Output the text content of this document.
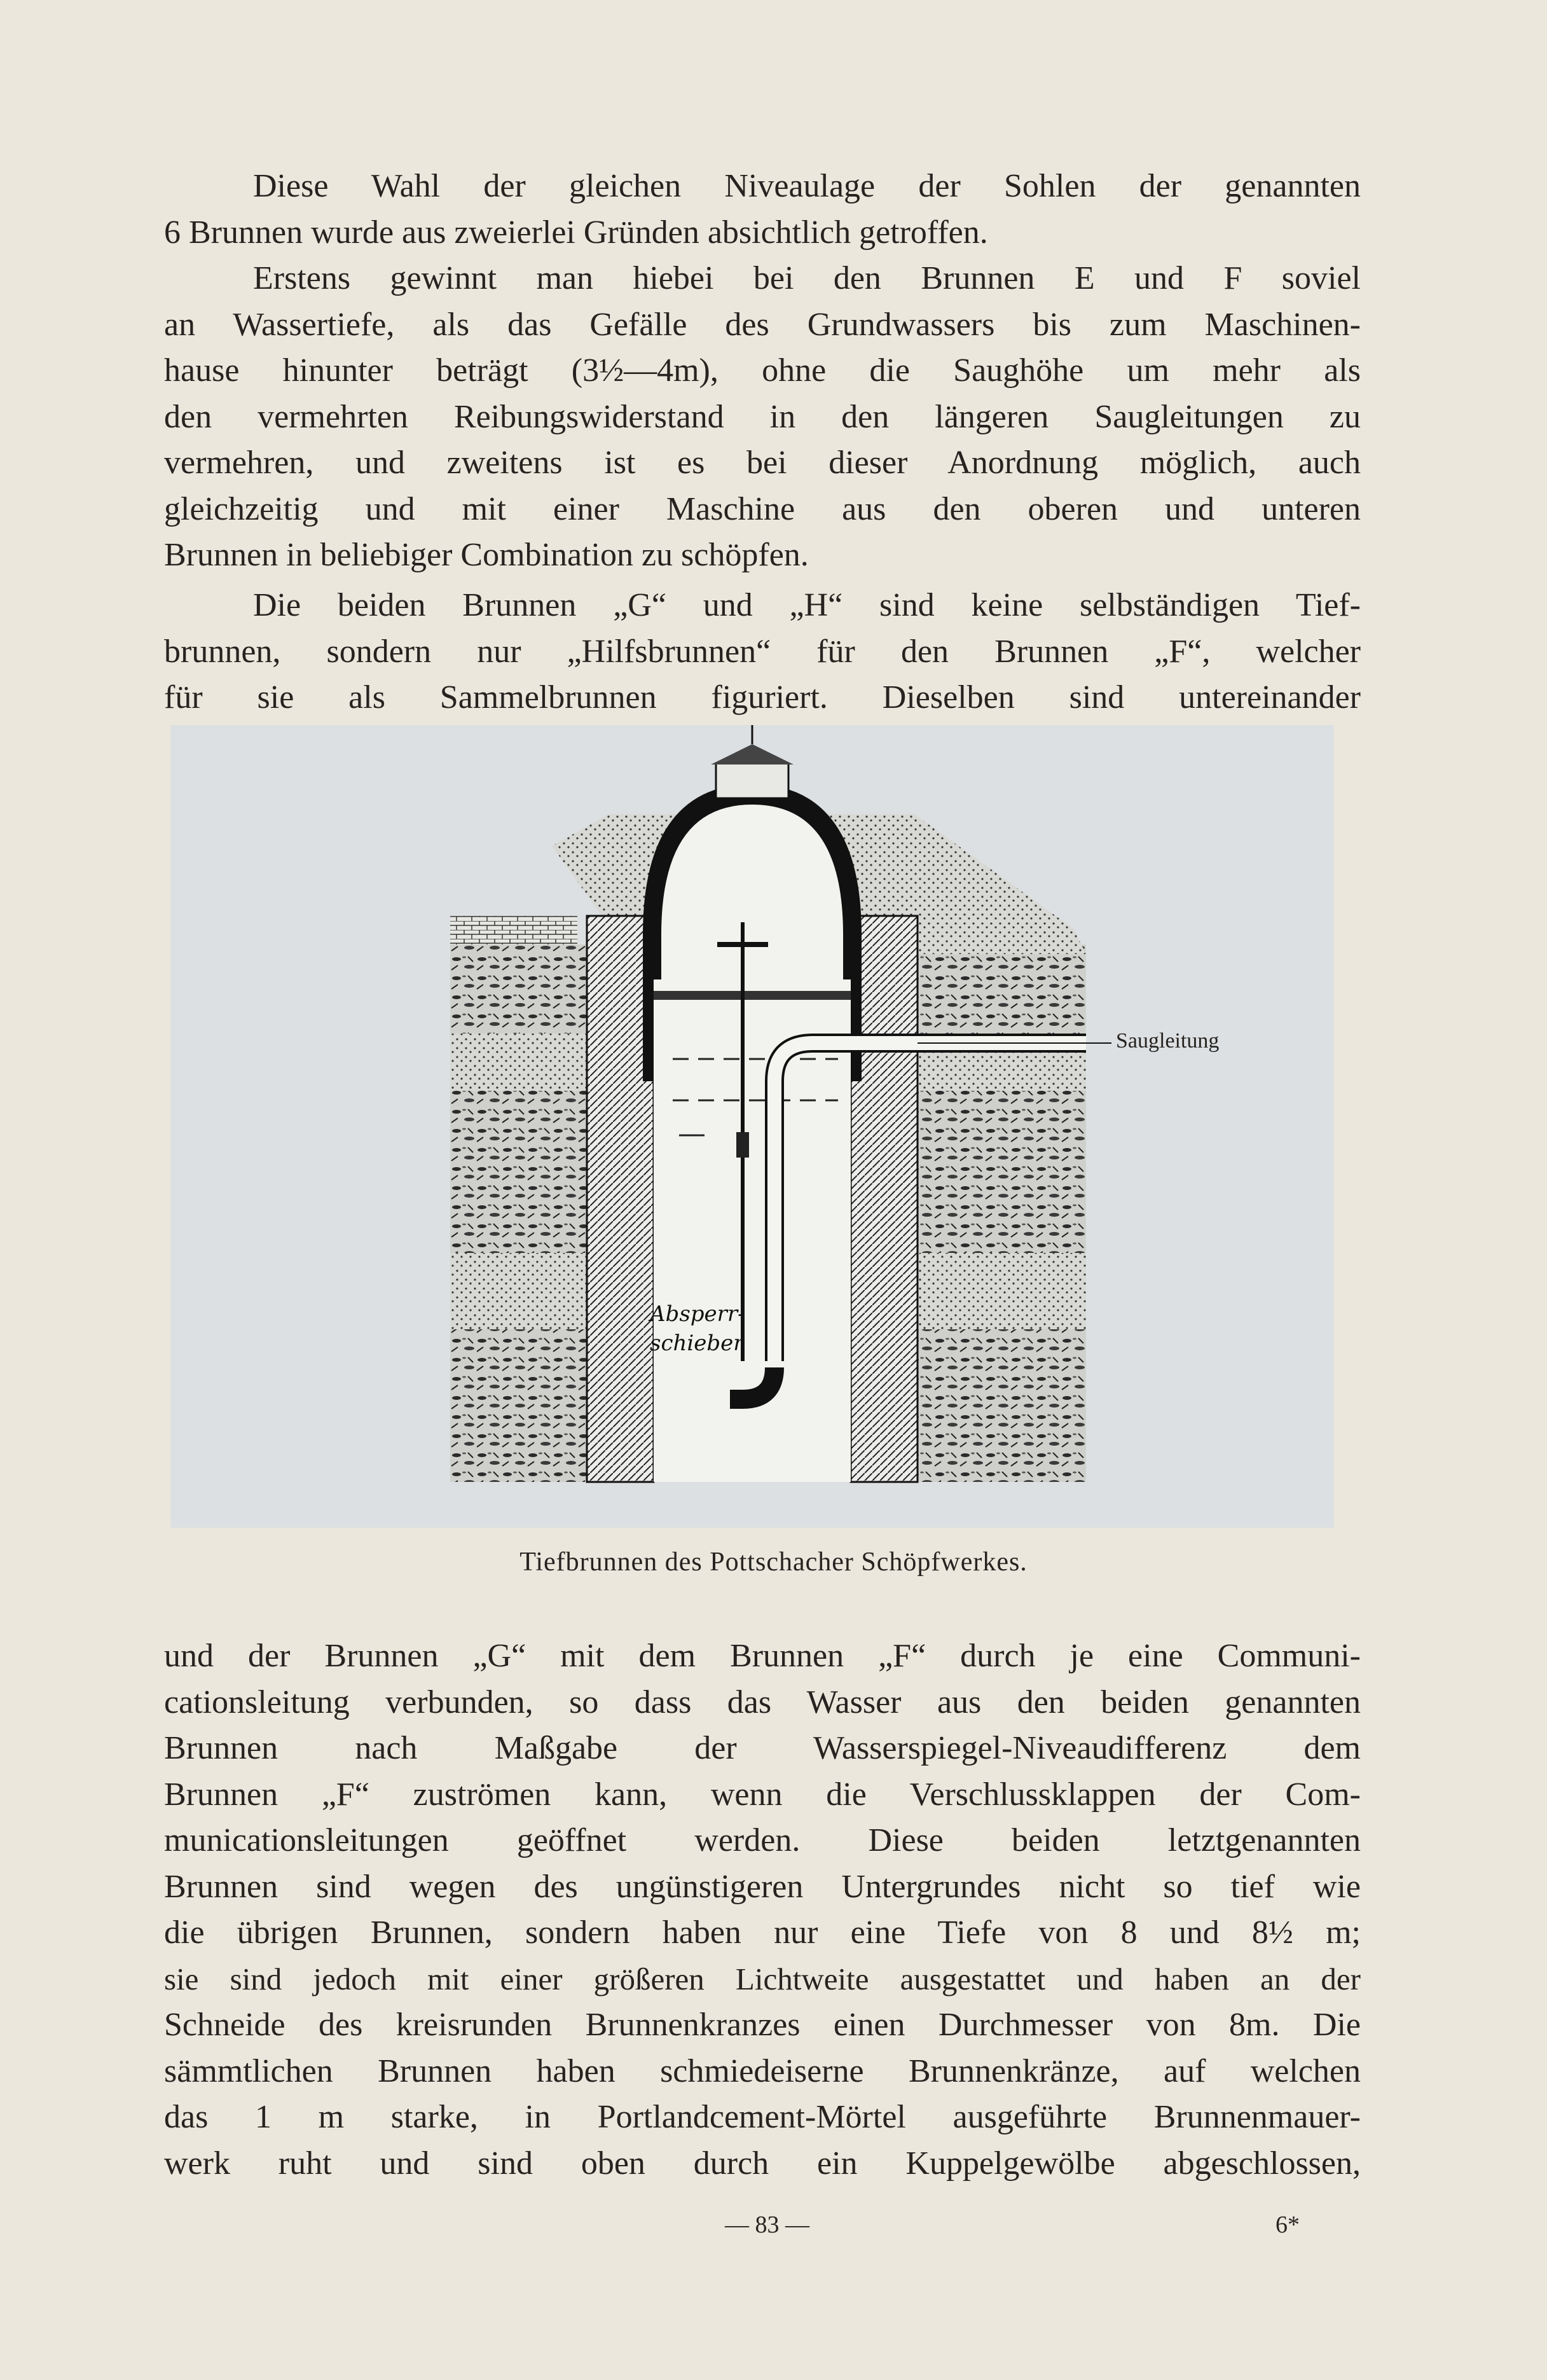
Diese Wahl der gleichen Niveaulage der Sohlen der genannten
6 Brunnen wurde aus zweierlei Gründen absichtlich getroffen.
Erstens gewinnt man hiebei bei den Brunnen E und F soviel
an Wassertiefe, als das Gefälle des Grundwassers bis zum Maschinen-
hause hinunter beträgt (3½—4m), ohne die Saughöhe um mehr als
den vermehrten Reibungswiderstand in den längeren Saugleitungen zu
vermehren, und zweitens ist es bei dieser Anordnung möglich, auch
gleichzeitig und mit einer Maschine aus den oberen und unteren
Brunnen in beliebiger Combination zu schöpfen.
Die beiden Brunnen „G“ und „H“ sind keine selbständigen Tief-
brunnen, sondern nur „Hilfsbrunnen“ für den Brunnen „F“, welcher
für sie als Sammelbrunnen figuriert. Dieselben sind untereinander
Saugleitung
Absperr-
schieber
Tiefbrunnen des Pottschacher Schöpfwerkes.
und der Brunnen „G“ mit dem Brunnen „F“ durch je eine Communi-
cationsleitung verbunden, so dass das Wasser aus den beiden genannten
Brunnen nach Maßgabe der Wasserspiegel-Niveaudifferenz dem
Brunnen „F“ zuströmen kann, wenn die Verschlussklappen der Com-
municationsleitungen geöffnet werden. Diese beiden letztgenannten
Brunnen sind wegen des ungünstigeren Untergrundes nicht so tief wie
die übrigen Brunnen, sondern haben nur eine Tiefe von 8 und 8½ m;
sie sind jedoch mit einer größeren Lichtweite ausgestattet und haben an der
Schneide des kreisrunden Brunnenkranzes einen Durchmesser von 8m. Die
sämmtlichen Brunnen haben schmiedeiserne Brunnenkränze, auf welchen
das 1 m starke, in Portlandcement-Mörtel ausgeführte Brunnenmauer-
werk ruht und sind oben durch ein Kuppelgewölbe abgeschlossen,
— 83 —	6*
